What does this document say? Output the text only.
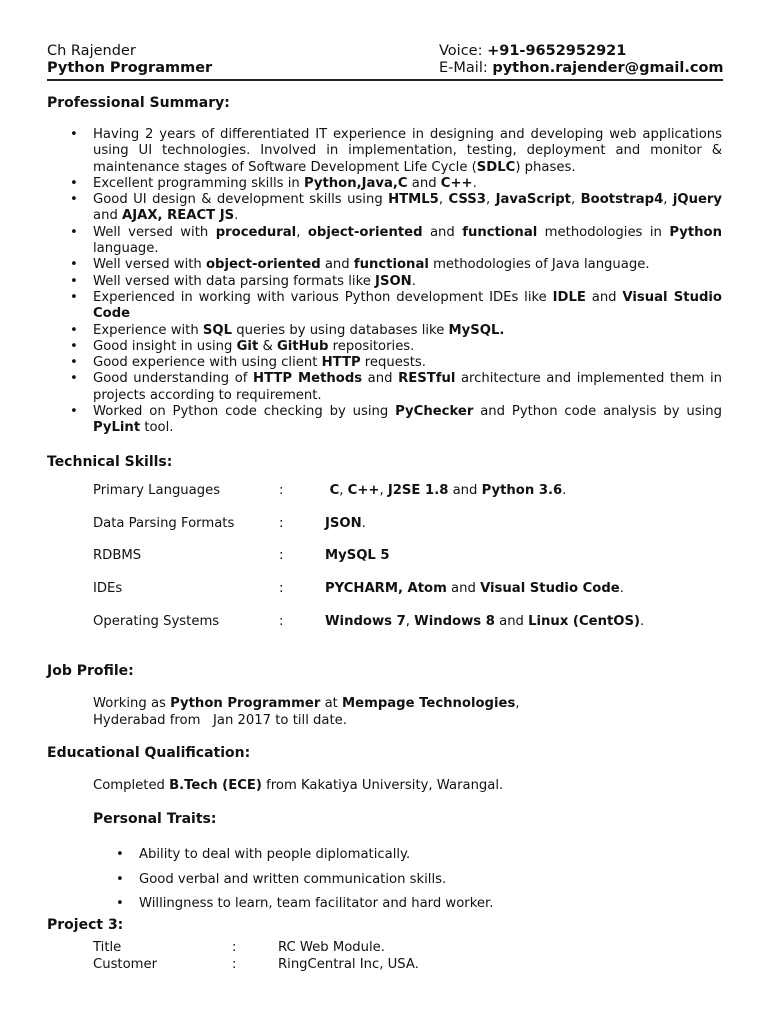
Ch Rajender
Python Programmer
Voice: +91-9652952921
E-Mail: python.rajender@gmail.com
Professional Summary:
• Having 2 years of differentiated IT experience in designing and developing web applications using UI technologies. Involved in implementation, testing, deployment and monitor & maintenance stages of Software Development Life Cycle (SDLC) phases.
• Excellent programming skills in Python,Java,C and C++.
• Good UI design & development skills using HTML5, CSS3, JavaScript, Bootstrap4, jQuery and AJAX, REACT JS.
• Well versed with procedural, object-oriented and functional methodologies in Python language.
• Well versed with object-oriented and functional methodologies of Java language.
• Well versed with data parsing formats like JSON.
• Experienced in working with various Python development IDEs like IDLE and Visual Studio Code
• Experience with SQL queries by using databases like MySQL.
• Good insight in using Git & GitHub repositories.
• Good experience with using client HTTP requests.
• Good understanding of HTTP Methods and RESTful architecture and implemented them in projects according to requirement.
• Worked on Python code checking by using PyChecker and Python code analysis by using PyLint tool.
Technical Skills:
Primary Languages	:	C, C++, J2SE 1.8 and Python 3.6.
Data Parsing Formats	:	JSON.
RDBMS	:	MySQL 5
IDEs	:	PYCHARM, Atom and Visual Studio Code.
Operating Systems	:	Windows 7, Windows 8 and Linux (CentOS).
Job Profile:
Working as Python Programmer at Mempage Technologies,
Hyderabad from   Jan 2017 to till date.
Educational Qualification:
Completed B.Tech (ECE) from Kakatiya University, Warangal.
Personal Traits:
• Ability to deal with people diplomatically.
• Good verbal and written communication skills.
• Willingness to learn, team facilitator and hard worker.
Project 3:
Title	:	RC Web Module.
Customer	:	RingCentral Inc, USA.
